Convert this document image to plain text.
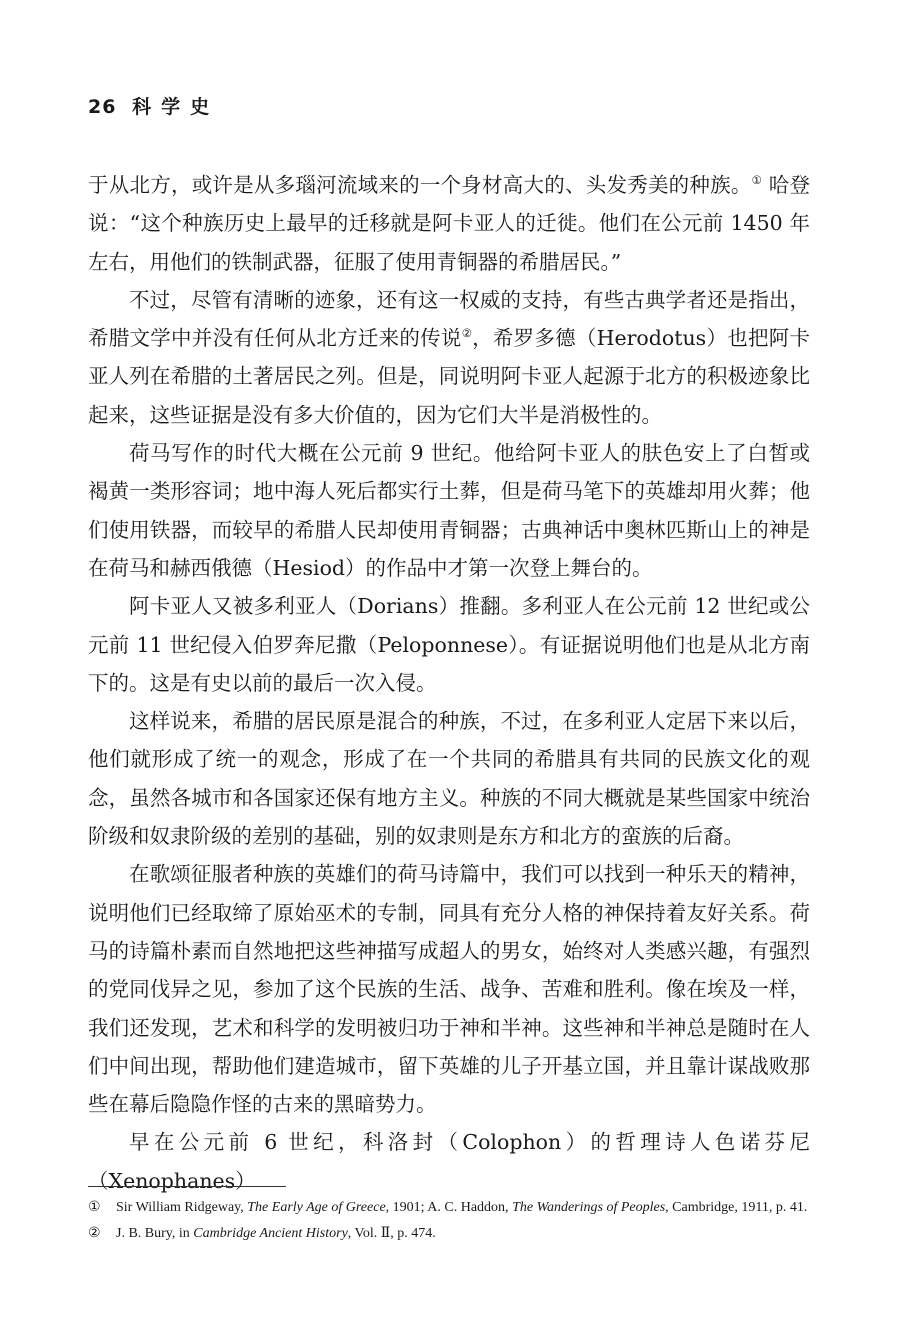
26 科学史

于从北方，或许是从多瑙河流域来的一个身材高大的、头发秀美的种族。① 哈登说：“这个种族历史上最早的迁移就是阿卡亚人的迁徙。他们在公元前 1450 年左右，用他们的铁制武器，征服了使用青铜器的希腊居民。”

不过，尽管有清晰的迹象，还有这一权威的支持，有些古典学者还是指出，希腊文学中并没有任何从北方迁来的传说②，希罗多德（Herodotus）也把阿卡亚人列在希腊的土著居民之列。但是，同说明阿卡亚人起源于北方的积极迹象比起来，这些证据是没有多大价值的，因为它们大半是消极性的。

荷马写作的时代大概在公元前 9 世纪。他给阿卡亚人的肤色安上了白皙或褐黄一类形容词；地中海人死后都实行土葬，但是荷马笔下的英雄却用火葬；他们使用铁器，而较早的希腊人民却使用青铜器；古典神话中奥林匹斯山上的神是在荷马和赫西俄德（Hesiod）的作品中才第一次登上舞台的。

阿卡亚人又被多利亚人（Dorians）推翻。多利亚人在公元前 12 世纪或公元前 11 世纪侵入伯罗奔尼撒（Peloponnese）。有证据说明他们也是从北方南下的。这是有史以前的最后一次入侵。

这样说来，希腊的居民原是混合的种族，不过，在多利亚人定居下来以后，他们就形成了统一的观念，形成了在一个共同的希腊具有共同的民族文化的观念，虽然各城市和各国家还保有地方主义。种族的不同大概就是某些国家中统治阶级和奴隶阶级的差别的基础，别的奴隶则是东方和北方的蛮族的后裔。

在歌颂征服者种族的英雄们的荷马诗篇中，我们可以找到一种乐天的精神，说明他们已经取缔了原始巫术的专制，同具有充分人格的神保持着友好关系。荷马的诗篇朴素而自然地把这些神描写成超人的男女，始终对人类感兴趣，有强烈的党同伐异之见，参加了这个民族的生活、战争、苦难和胜利。像在埃及一样，我们还发现，艺术和科学的发明被归功于神和半神。这些神和半神总是随时在人们中间出现，帮助他们建造城市，留下英雄的儿子开基立国，并且靠计谋战败那些在幕后隐隐作怪的古来的黑暗势力。

早在公元前 6 世纪，科洛封（Colophon）的哲理诗人色诺芬尼（Xenophanes）

① Sir William Ridgeway, The Early Age of Greece, 1901; A. C. Haddon, The Wanderings of Peoples, Cambridge, 1911, p. 41.

② J. B. Bury, in Cambridge Ancient History, Vol. Ⅱ, p. 474.
